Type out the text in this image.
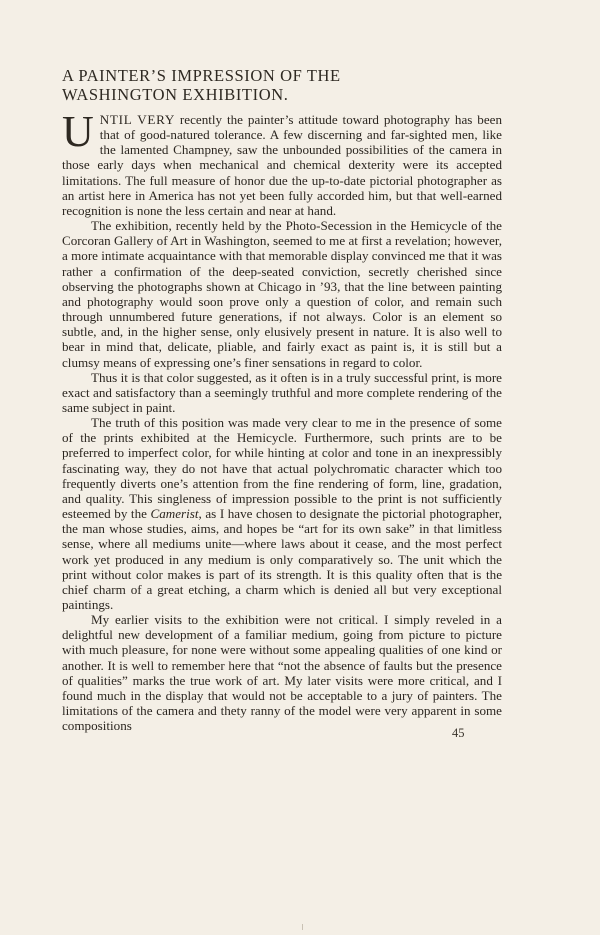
A PAINTER’S IMPRESSION OF THE
WASHINGTON EXHIBITION.

UNTIL VERY recently the painter’s attitude toward photography has been that of good-natured tolerance. A few discerning and far-sighted men, like the lamented Champney, saw the unbounded possibilities of the camera in those early days when mechanical and chemical dexterity were its accepted limitations. The full measure of honor due the up-to-date pictorial photographer as an artist here in America has not yet been fully accorded him, but that well-earned recognition is none the less certain and near at hand.

The exhibition, recently held by the Photo-Secession in the Hemicycle of the Corcoran Gallery of Art in Washington, seemed to me at first a revelation; however, a more intimate acquaintance with that memorable display convinced me that it was rather a confirmation of the deep-seated conviction, secretly cherished since observing the photographs shown at Chicago in ’93, that the line between painting and photography would soon prove only a question of color, and remain such through unnumbered future generations, if not always. Color is an element so subtle, and, in the higher sense, only elusively present in nature. It is also well to bear in mind that, delicate, pliable, and fairly exact as paint is, it is still but a clumsy means of expressing one’s finer sensations in regard to color.

Thus it is that color suggested, as it often is in a truly successful print, is more exact and satisfactory than a seemingly truthful and more complete rendering of the same subject in paint.

The truth of this position was made very clear to me in the presence of some of the prints exhibited at the Hemicycle. Furthermore, such prints are to be preferred to imperfect color, for while hinting at color and tone in an inexpressibly fascinating way, they do not have that actual polychromatic character which too frequently diverts one’s attention from the fine rendering of form, line, gradation, and quality. This singleness of impression possible to the print is not sufficiently esteemed by the Camerist, as I have chosen to designate the pictorial photographer, the man whose studies, aims, and hopes be “art for its own sake” in that limitless sense, where all mediums unite—where laws about it cease, and the most perfect work yet produced in any medium is only comparatively so. The unit which the print without color makes is part of its strength. It is this quality often that is the chief charm of a great etching, a charm which is denied all but very exceptional paintings.

My earlier visits to the exhibition were not critical. I simply reveled in a delightful new development of a familiar medium, going from picture to picture with much pleasure, for none were without some appealing qualities of one kind or another. It is well to remember here that “not the absence of faults but the presence of qualities” marks the true work of art. My later visits were more critical, and I found much in the display that would not be acceptable to a jury of painters. The limitations of the camera and thety ranny of the model were very apparent in some compositions	45
